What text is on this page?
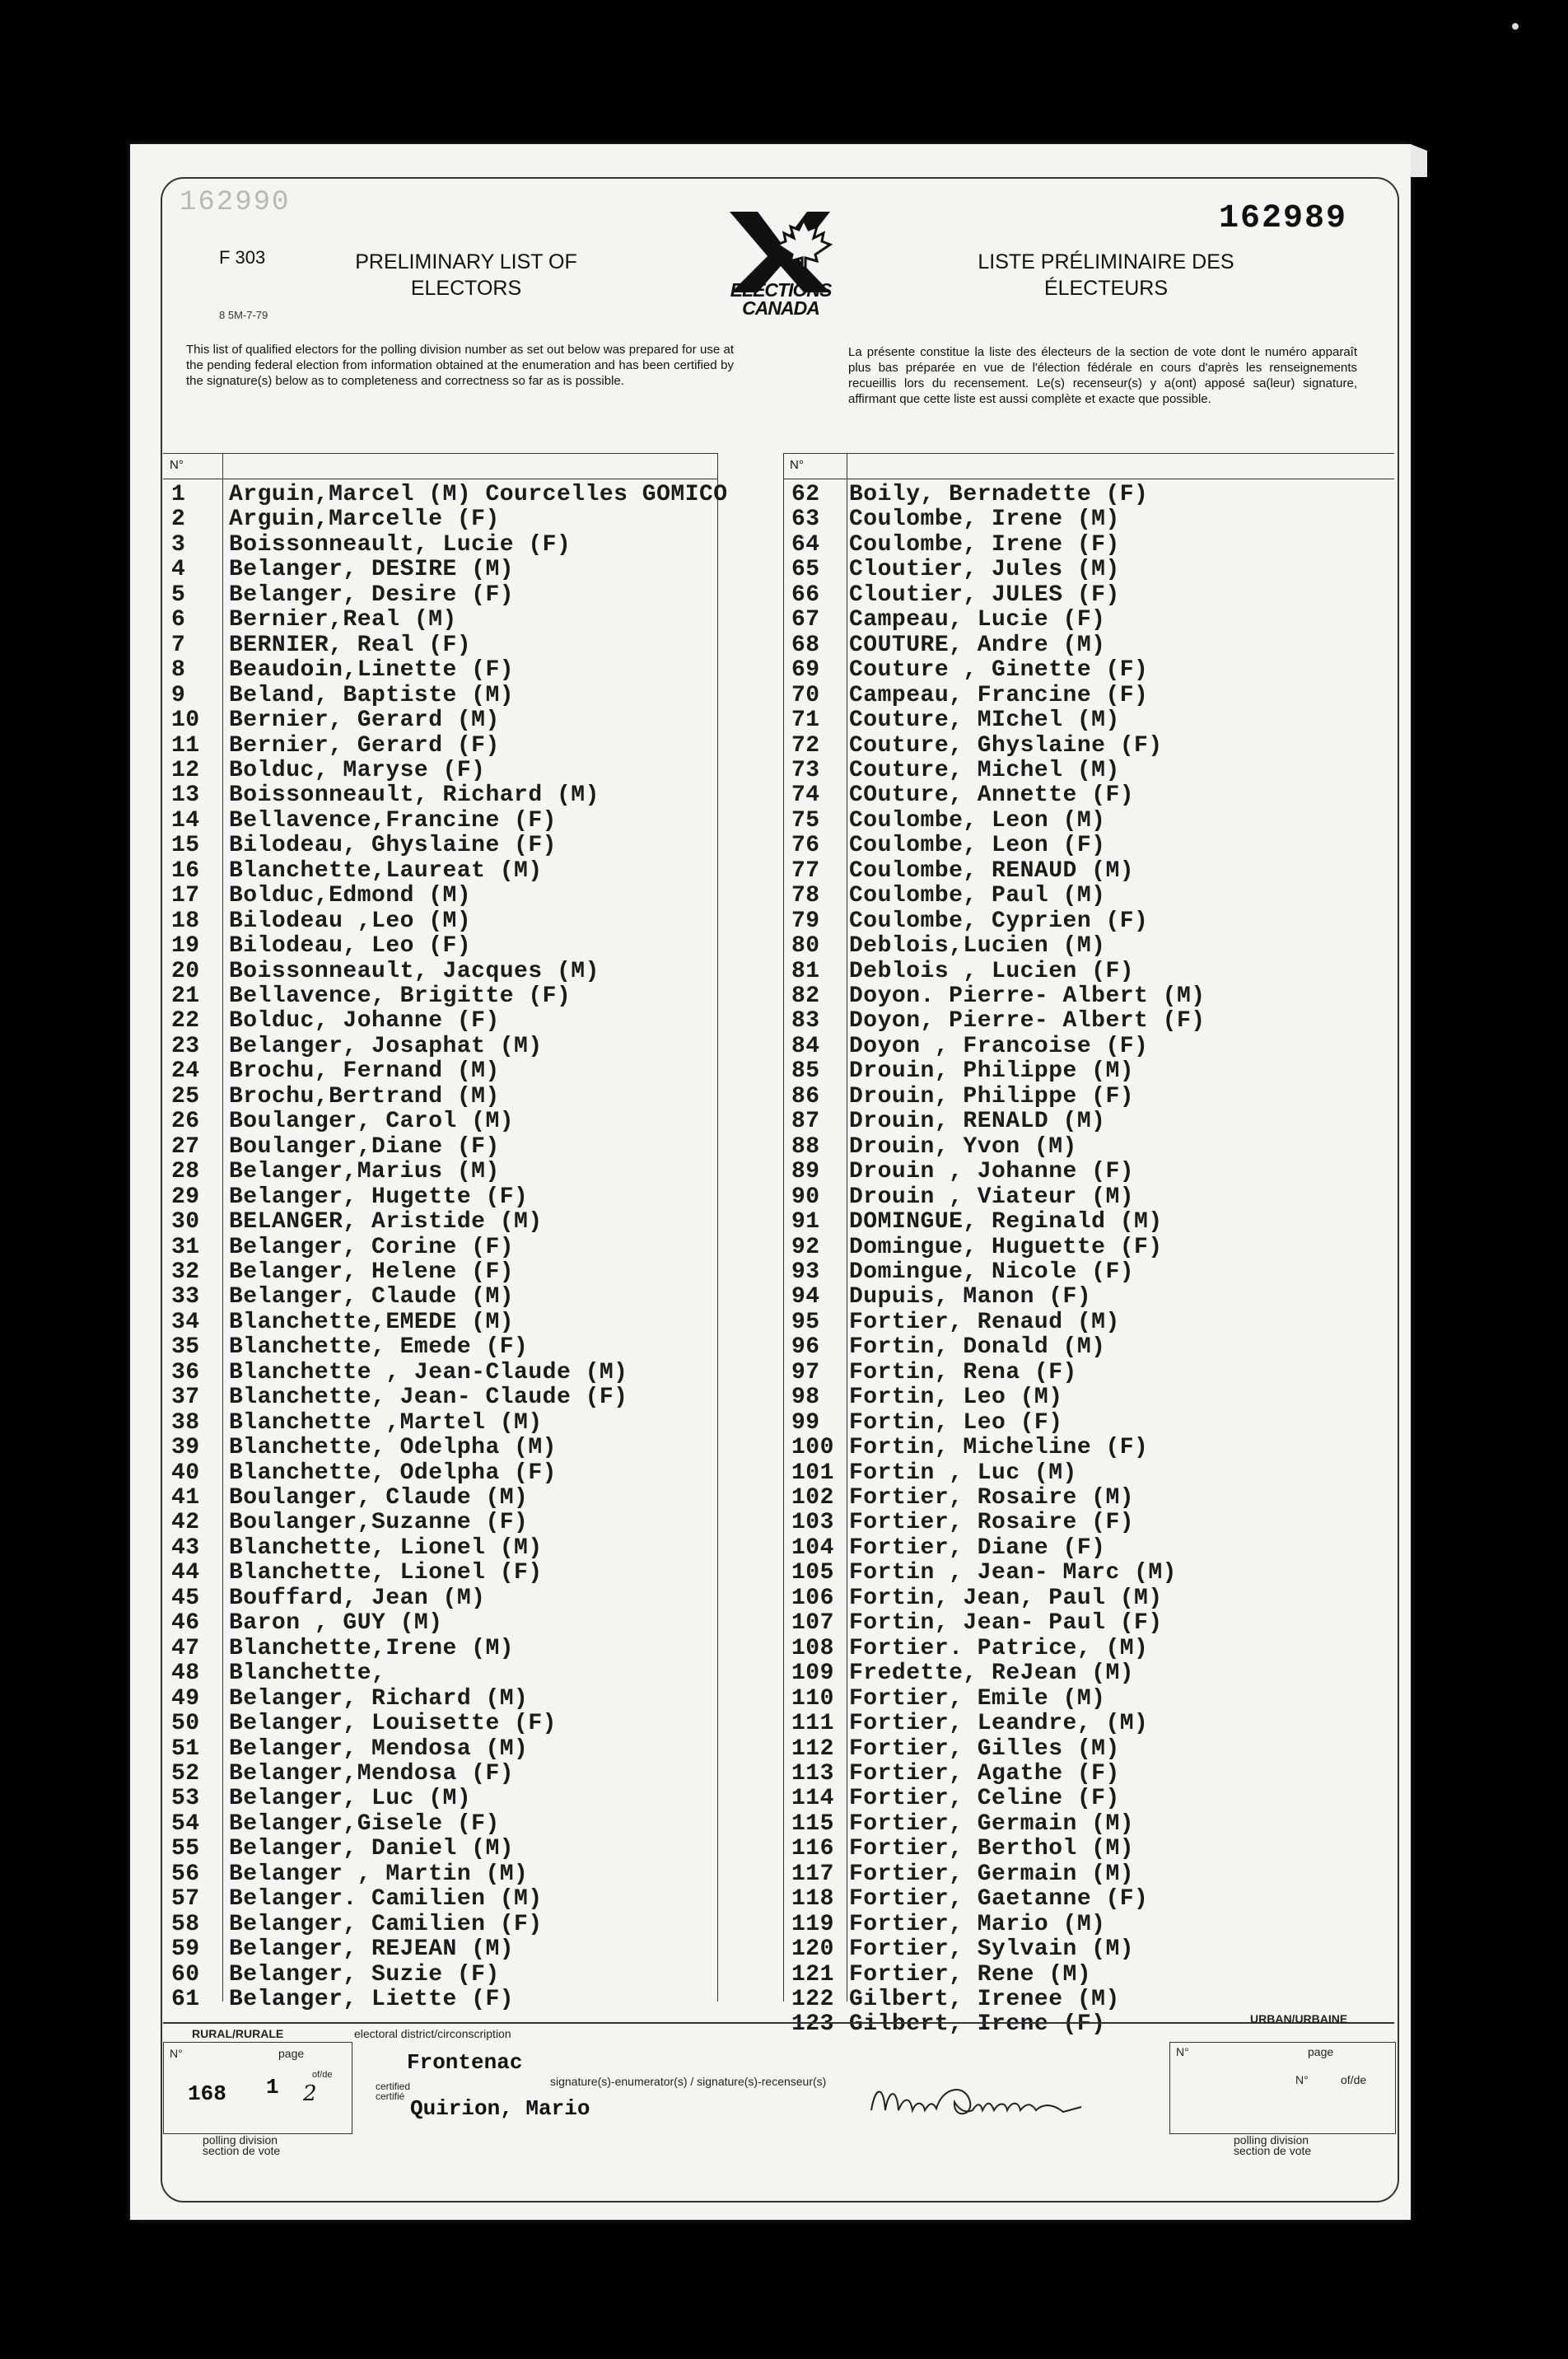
162990	162989
F 303
8 5M-7-79
PRELIMINARY LIST OF ELECTORS
LISTE PRÉLIMINAIRE DES ÉLECTEURS
ELECTIONS CANADA
This list of qualified electors for the polling division number as set out below was prepared for use at the pending federal election from information obtained at the enumeration and has been certified by the signature(s) below as to completeness and correctness so far as is possible.
La présente constitue la liste des électeurs de la section de vote dont le numéro apparaît plus bas préparée en vue de l'élection fédérale en cours d'après les renseignements recueillis lors du recensement. Le(s) recenseur(s) y a(ont) apposé sa(leur) signature, affirmant que cette liste est aussi complète et exacte que possible.
N°	N°
1	Arguin,Marcel (M) Courcelles GOMICO
2	Arguin,Marcelle (F)
3	Boissonneault, Lucie (F)
4	Belanger, DESIRE (M)
5	Belanger, Desire (F)
6	Bernier,Real (M)
7	BERNIER, Real (F)
8	Beaudoin,Linette (F)
9	Beland, Baptiste (M)
10	Bernier, Gerard (M)
11	Bernier, Gerard (F)
12	Bolduc, Maryse (F)
13	Boissonneault, Richard (M)
14	Bellavence,Francine (F)
15	Bilodeau, Ghyslaine (F)
16	Blanchette,Laureat (M)
17	Bolduc,Edmond (M)
18	Bilodeau ,Leo (M)
19	Bilodeau, Leo (F)
20	Boissonneault, Jacques (M)
21	Bellavence, Brigitte (F)
22	Bolduc, Johanne (F)
23	Belanger, Josaphat (M)
24	Brochu, Fernand (M)
25	Brochu,Bertrand (M)
26	Boulanger, Carol (M)
27	Boulanger,Diane (F)
28	Belanger,Marius (M)
29	Belanger, Hugette (F)
30	BELANGER, Aristide (M)
31	Belanger, Corine (F)
32	Belanger, Helene (F)
33	Belanger, Claude (M)
34	Blanchette,EMEDE (M)
35	Blanchette, Emede (F)
36	Blanchette , Jean-Claude (M)
37	Blanchette, Jean- Claude (F)
38	Blanchette ,Martel (M)
39	Blanchette, Odelpha (M)
40	Blanchette, Odelpha (F)
41	Boulanger, Claude (M)
42	Boulanger,Suzanne (F)
43	Blanchette, Lionel (M)
44	Blanchette, Lionel (F)
45	Bouffard, Jean (M)
46	Baron , GUY (M)
47	Blanchette,Irene (M)
48	Blanchette,
49	Belanger, Richard (M)
50	Belanger, Louisette (F)
51	Belanger, Mendosa (M)
52	Belanger,Mendosa (F)
53	Belanger, Luc (M)
54	Belanger,Gisele (F)
55	Belanger, Daniel (M)
56	Belanger , Martin (M)
57	Belanger. Camilien (M)
58	Belanger, Camilien (F)
59	Belanger, REJEAN (M)
60	Belanger, Suzie (F)
61	Belanger, Liette (F)
62	Boily, Bernadette (F)
63	Coulombe, Irene (M)
64	Coulombe, Irene (F)
65	Cloutier, Jules (M)
66	Cloutier, JULES (F)
67	Campeau, Lucie (F)
68	COUTURE, Andre (M)
69	Couture , Ginette (F)
70	Campeau, Francine (F)
71	Couture, MIchel (M)
72	Couture, Ghyslaine (F)
73	Couture, Michel (M)
74	COuture, Annette (F)
75	Coulombe, Leon (M)
76	Coulombe, Leon (F)
77	Coulombe, RENAUD (M)
78	Coulombe, Paul (M)
79	Coulombe, Cyprien (F)
80	Deblois,Lucien (M)
81	Deblois , Lucien (F)
82	Doyon. Pierre- Albert (M)
83	Doyon, Pierre- Albert (F)
84	Doyon , Francoise (F)
85	Drouin, Philippe (M)
86	Drouin, Philippe (F)
87	Drouin, RENALD (M)
88	Drouin, Yvon (M)
89	Drouin , Johanne (F)
90	Drouin , Viateur (M)
91	DOMINGUE, Reginald (M)
92	Domingue, Huguette (F)
93	Domingue, Nicole (F)
94	Dupuis, Manon (F)
95	Fortier, Renaud (M)
96	Fortin, Donald (M)
97	Fortin, Rena (F)
98	Fortin, Leo (M)
99	Fortin, Leo (F)
100 Fortin, Micheline (F)
101 Fortin , Luc (M)
102 Fortier, Rosaire (M)
103 Fortier, Rosaire (F)
104 Fortier, Diane (F)
105 Fortin , Jean- Marc (M)
106 Fortin, Jean, Paul (M)
107 Fortin, Jean- Paul (F)
108 Fortier. Patrice, (M)
109 Fredette, ReJean (M)
110 Fortier, Emile (M)
111 Fortier, Leandre, (M)
112 Fortier, Gilles (M)
113 Fortier, Agathe (F)
114 Fortier, Celine (F)
115 Fortier, Germain (M)
116 Fortier, Berthol (M)
117 Fortier, Germain (M)
118 Fortier, Gaetanne (F)
119 Fortier, Mario (M)
120 Fortier, Sylvain (M)
121 Fortier, Rene (M)
122 Gilbert, Irenee (M)
123 Gilbert, Irene (F)
RURAL/RURALE	electoral district/circonscription
URBAN/URBAINE
N°	page
of/de
168 1 2
polling division
section de vote
Frontenac
certified
certifié
signature(s)-enumerator(s) / signature(s)-recenseur(s)
Quirion, Mario
N°	page
N°	of/de
polling division
section de vote
